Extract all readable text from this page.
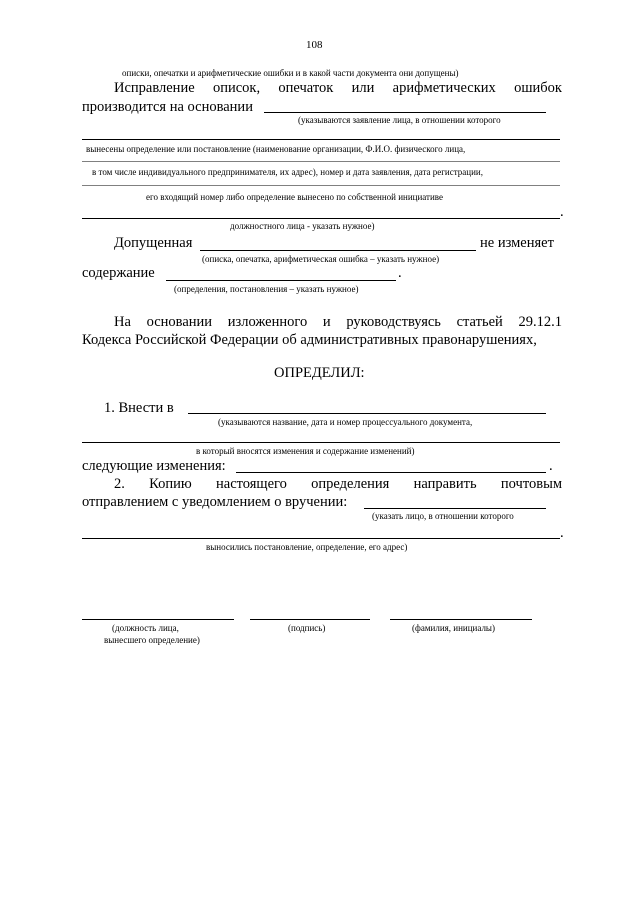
108
описки, опечатки и арифметические ошибки и в какой части документа они допущены)
Исправление описок, опечаток или арифметических ошибок
производится на основании
(указываются заявление лица, в отношении которого
вынесены определение или постановление (наименование организации, Ф.И.О. физического лица,
в том числе индивидуального предпринимателя, их адрес), номер и дата заявления, дата регистрации,
его входящий номер либо определение вынесено по собственной инициативе
.
должностного лица - указать нужное)
Допущенная	не изменяет
(описка, опечатка, арифметическая ошибка – указать нужное)
содержание	.
(определения, постановления – указать нужное)
На основании изложенного и руководствуясь статьей 29.12.1
Кодекса Российской Федерации об административных правонарушениях,
ОПРЕДЕЛИЛ:
1. Внести в
(указываются название, дата и номер процессуального документа,
в который вносятся изменения и содержание изменений)
следующие изменения:	.
2. Копию настоящего определения направить почтовым
отправлением с уведомлением о вручении:
(указать лицо, в отношении которого
.
выносились постановление, определение, его адрес)
(должность лица,
вынесшего определение)
(подпись)	(фамилия, инициалы)
